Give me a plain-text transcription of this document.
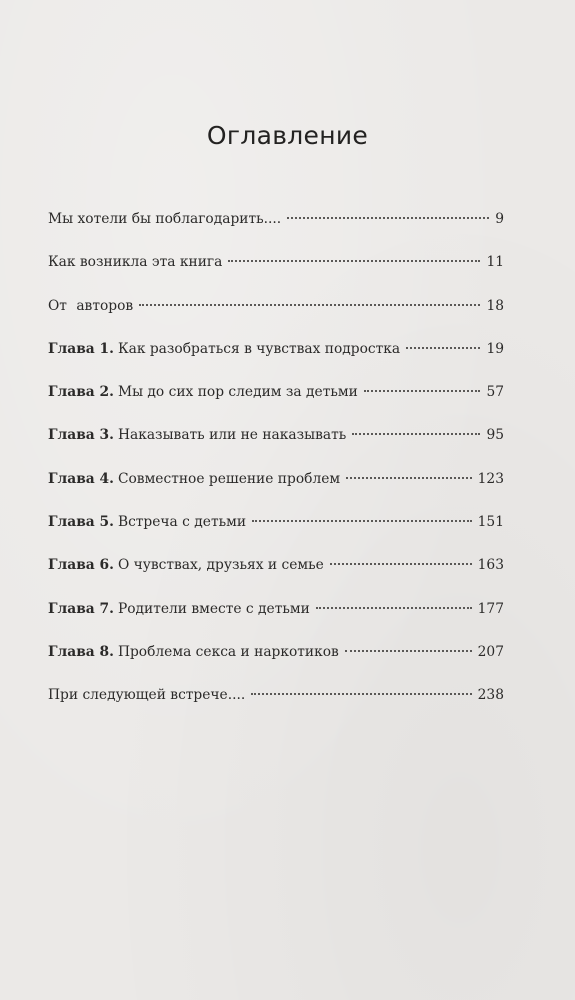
Оглавление
Мы хотели бы поблагодарить....	9
Как возникла эта книга	11
От авторов	18
Глава 1. Как разобраться в чувствах подростка	19
Глава 2. Мы до сих пор следим за детьми	57
Глава 3. Наказывать или не наказывать	95
Глава 4. Совместное решение проблем	123
Глава 5. Встреча с детьми	151
Глава 6. О чувствах, друзьях и семье	163
Глава 7. Родители вместе с детьми	177
Глава 8. Проблема секса и наркотиков	207
При следующей встрече....	238
